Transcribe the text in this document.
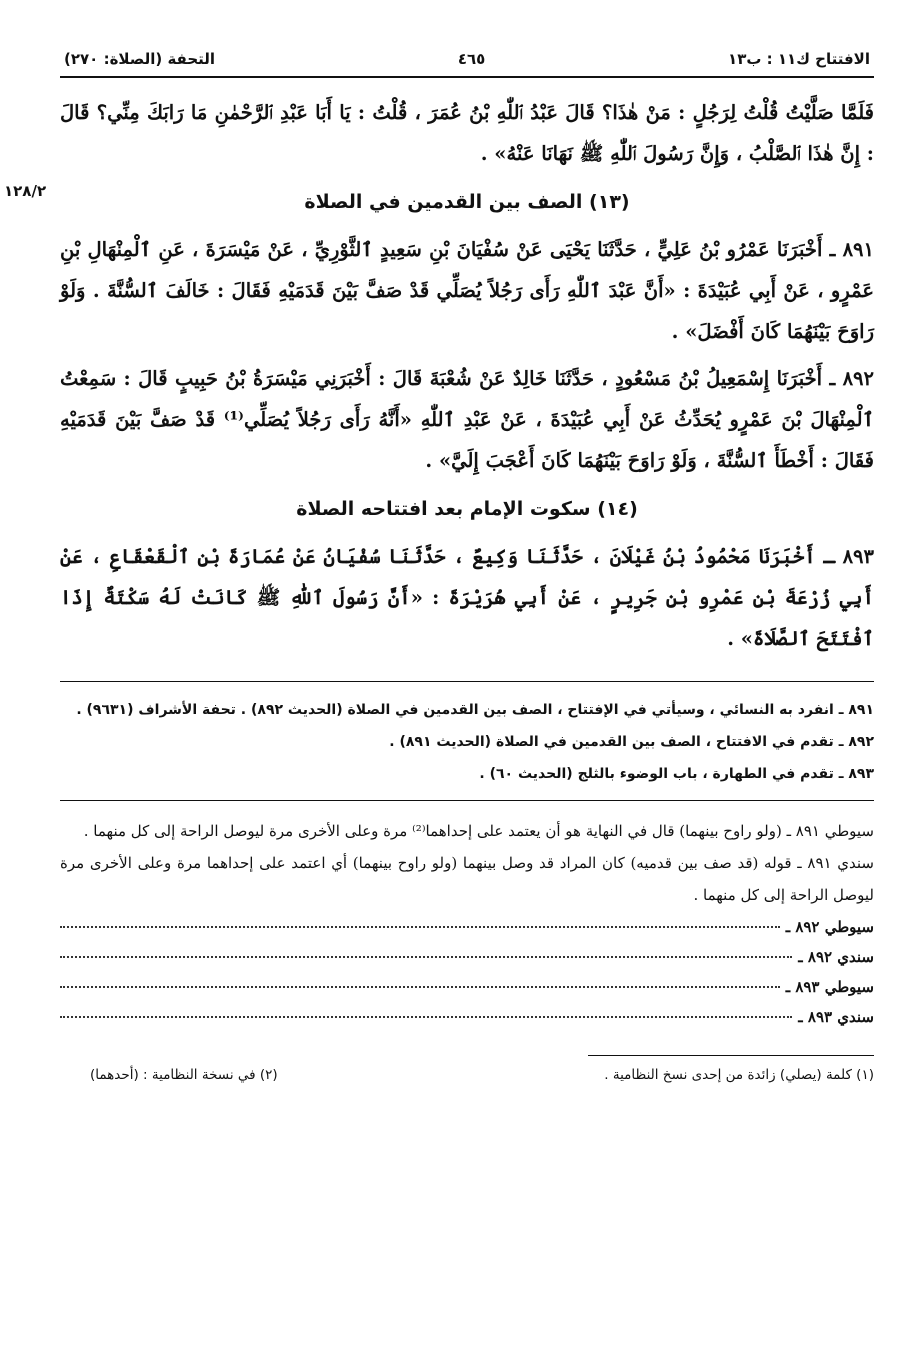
١٢٨/٢
الافتتاح ك١١ : ب١٣
٤٦٥
التحفة (الصلاة: ٢٧٠)

فَلَمَّا صَلَّيْتُ قُلْتُ لِرَجُلٍ : مَنْ هٰذَا؟ قَالَ عَبْدُ ٱللّٰهِ بْنُ عُمَرَ ، قُلْتُ : يَا أَبَا عَبْدِ ٱلرَّحْمٰنِ مَا رَابَكَ مِنِّي؟ قَالَ : إِنَّ هٰذَا ٱلصَّلْبُ ، وَإِنَّ رَسُولَ ٱللّٰهِ ﷺ نَهَانَا عَنْهُ» .

(١٣) الصف بين القدمين في الصلاة

٨٩١ ـ أَخْبَرَنَا عَمْرُو بْنُ عَلِيٍّ ، حَدَّثَنَا يَحْيَى عَنْ سُفْيَانَ بْنِ سَعِيدٍ ٱلثَّوْرِيِّ ، عَنْ مَيْسَرَةَ ، عَنِ ٱلْمِنْهَالِ بْنِ عَمْرٍو ، عَنْ أَبِي عُبَيْدَةَ : «أَنَّ عَبْدَ ٱللّٰهِ رَأَى رَجُلاً يُصَلِّي قَدْ صَفَّ بَيْنَ قَدَمَيْهِ فَقَالَ : خَالَفَ ٱلسُّنَّةَ . وَلَوْ رَاوَحَ بَيْنَهُمَا كَانَ أَفْضَلَ» .

٨٩٢ ـ أَخْبَرَنَا إِسْمَعِيلُ بْنُ مَسْعُودٍ ، حَدَّثَنَا خَالِدٌ عَنْ شُعْبَةَ قَالَ : أَخْبَرَنِي مَيْسَرَةُ بْنُ حَبِيبٍ قَالَ : سَمِعْتُ ٱلْمِنْهَالَ بْنَ عَمْرٍو يُحَدِّثُ عَنْ أَبِي عُبَيْدَةَ ، عَنْ عَبْدِ ٱللّٰهِ «أَنَّهُ رَأَى رَجُلاً يُصَلِّي⁽¹⁾ قَدْ صَفَّ بَيْنَ قَدَمَيْهِ فَقَالَ : أَخْطَأَ ٱلسُّنَّةَ ، وَلَوْ رَاوَحَ بَيْنَهُمَا كَانَ أَعْجَبَ إِلَيَّ» .

(١٤) سكوت الإمام بعد افتتاحه الصلاة

٨٩٣ ـ أَخْبَرَنَا مَحْمُودُ بْنُ غَيْلَانَ ، حَدَّثَنَا وَكِيعٌ ، حَدَّثَنَا سُفْيَانُ عَنْ عُمَارَةَ بْنِ ٱلْقَعْقَاعِ ، عَنْ أَبِي زُرْعَةَ بْنِ عَمْرِو بْنِ جَرِيرٍ ، عَنْ أَبِي هُرَيْرَةَ : «أَنَّ رَسُولَ ٱللّٰهِ ﷺ كَانَتْ لَهُ سَكْتَةٌ إِذَا ٱفْتَتَحَ ٱلصَّلَاةَ» .

٨٩١ ـ انفرد به النسائي ، وسيأتي في الإفتتاح ، الصف بين القدمين في الصلاة (الحديث ٨٩٢) . تحفة الأشراف (٩٦٣١) .
٨٩٢ ـ تقدم في الافتتاح ، الصف بين القدمين في الصلاة (الحديث ٨٩١) .
٨٩٣ ـ تقدم في الطهارة ، باب الوضوء بالثلج (الحديث ٦٠) .
سيوطي ٨٩١ ـ (ولو راوح بينهما) قال في النهاية هو أن يعتمد على إحداهما⁽²⁾ مرة وعلى الأخرى مرة ليوصل الراحة إلى كل منهما .
سندي ٨٩١ ـ قوله (قد صف بين قدميه) كان المراد قد وصل بينهما (ولو راوح بينهما) أي اعتمد على إحداهما مرة وعلى الأخرى مرة ليوصل الراحة إلى كل منهما .
سيوطي ٨٩٢ ـ
سندي ٨٩٢ ـ
سيوطي ٨٩٣ ـ
سندي ٨٩٣ ـ
(١) كلمة (يصلي) زائدة من إحدى نسخ النظامية .
(٢) في نسخة النظامية : (أحدهما)
